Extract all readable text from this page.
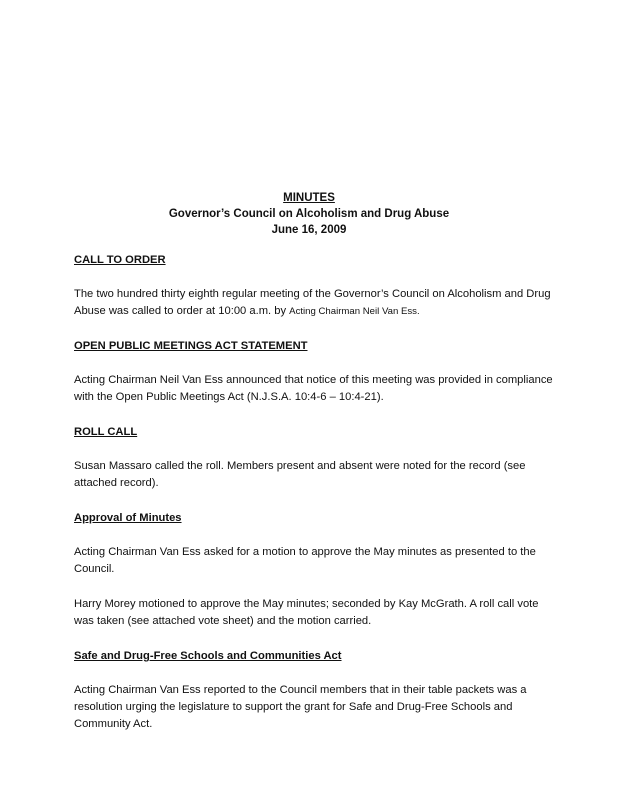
MINUTES
Governor’s Council on Alcoholism and Drug Abuse
June 16, 2009

CALL TO ORDER

The two hundred thirty eighth regular meeting of the Governor’s Council on Alcoholism and Drug Abuse was called to order at 10:00 a.m. by Acting Chairman Neil Van Ess.

OPEN PUBLIC MEETINGS ACT STATEMENT

Acting Chairman Neil Van Ess announced that notice of this meeting was provided in compliance with the Open Public Meetings Act (N.J.S.A. 10:4-6 – 10:4-21).

ROLL CALL

Susan Massaro called the roll. Members present and absent were noted for the record (see attached record).

Approval of Minutes

Acting Chairman Van Ess asked for a motion to approve the May minutes as presented to the Council.

Harry Morey motioned to approve the May minutes; seconded by Kay McGrath. A roll call vote was taken (see attached vote sheet) and the motion carried.

Safe and Drug-Free Schools and Communities Act

Acting Chairman Van Ess reported to the Council members that in their table packets was a resolution urging the legislature to support the grant for Safe and Drug-Free Schools and Community Act.
